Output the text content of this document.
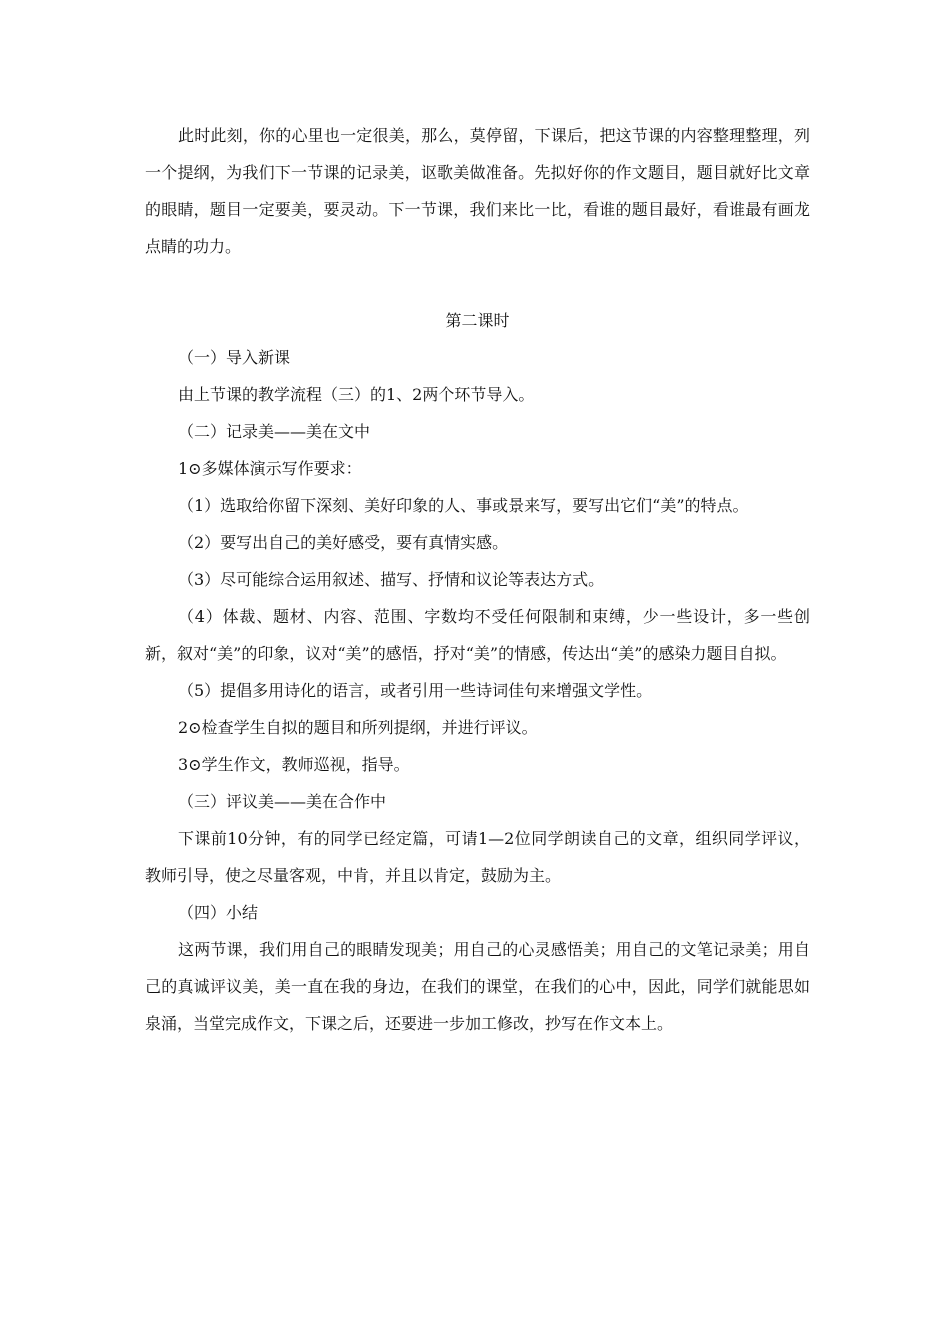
此时此刻，你的心里也一定很美，那么，莫停留，下课后，把这节课的内容整理整理，列一个提纲，为我们下一节课的记录美，讴歌美做准备。先拟好你的作文题目，题目就好比文章的眼睛，题目一定要美，要灵动。下一节课，我们来比一比，看谁的题目最好，看谁最有画龙点睛的功力。

第二课时

（一）导入新课

由上节课的教学流程（三）的1、2两个环节导入。

（二）记录美——美在文中

1⊙多媒体演示写作要求：

（1）选取给你留下深刻、美好印象的人、事或景来写，要写出它们“美”的特点。

（2）要写出自己的美好感受，要有真情实感。

（3）尽可能综合运用叙述、描写、抒情和议论等表达方式。

（4）体裁、题材、内容、范围、字数均不受任何限制和束缚，少一些设计，多一些创新，叙对“美”的印象，议对“美”的感悟，抒对“美”的情感，传达出“美”的感染力题目自拟。

（5）提倡多用诗化的语言，或者引用一些诗词佳句来增强文学性。

2⊙检查学生自拟的题目和所列提纲，并进行评议。

3⊙学生作文，教师巡视，指导。

（三）评议美——美在合作中

下课前10分钟，有的同学已经定篇，可请1—2位同学朗读自己的文章，组织同学评议，教师引导，使之尽量客观，中肯，并且以肯定，鼓励为主。

（四）小结

这两节课，我们用自己的眼睛发现美；用自己的心灵感悟美；用自己的文笔记录美；用自己的真诚评议美，美一直在我的身边，在我们的课堂，在我们的心中，因此，同学们就能思如泉涌，当堂完成作文，下课之后，还要进一步加工修改，抄写在作文本上。
